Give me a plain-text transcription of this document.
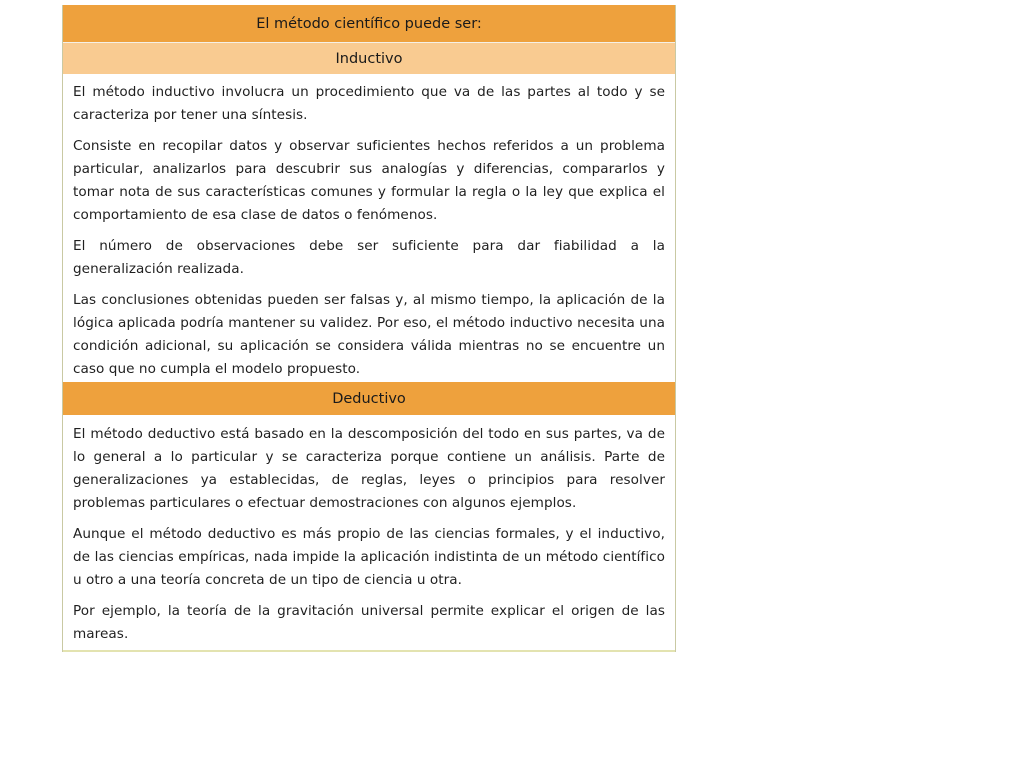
El método científico puede ser:
Inductivo

El método inductivo involucra un procedimiento que va de las partes al todo y se caracteriza por tener una síntesis.

Consiste en recopilar datos y observar suficientes hechos referidos a un problema particular, analizarlos para descubrir sus analogías y diferencias, compararlos y tomar nota de sus características comunes y formular la regla o la ley que explica el comportamiento de esa clase de datos o fenómenos.

El número de observaciones debe ser suficiente para dar fiabilidad a la generalización realizada.

Las conclusiones obtenidas pueden ser falsas y, al mismo tiempo, la aplicación de la lógica aplicada podría mantener su validez. Por eso, el método inductivo necesita una condición adicional, su aplicación se considera válida mientras no se encuentre un caso que no cumpla el modelo propuesto.

Deductivo

El método deductivo está basado en la descomposición del todo en sus partes, va de lo general a lo particular y se caracteriza porque contiene un análisis. Parte de generalizaciones ya establecidas, de reglas, leyes o principios para resolver problemas particulares o efectuar demostraciones con algunos ejemplos.

Aunque el método deductivo es más propio de las ciencias formales, y el inductivo, de las ciencias empíricas, nada impide la aplicación indistinta de un método científico u otro a una teoría concreta de un tipo de ciencia u otra.

Por ejemplo, la teoría de la gravitación universal permite explicar el origen de las mareas.
